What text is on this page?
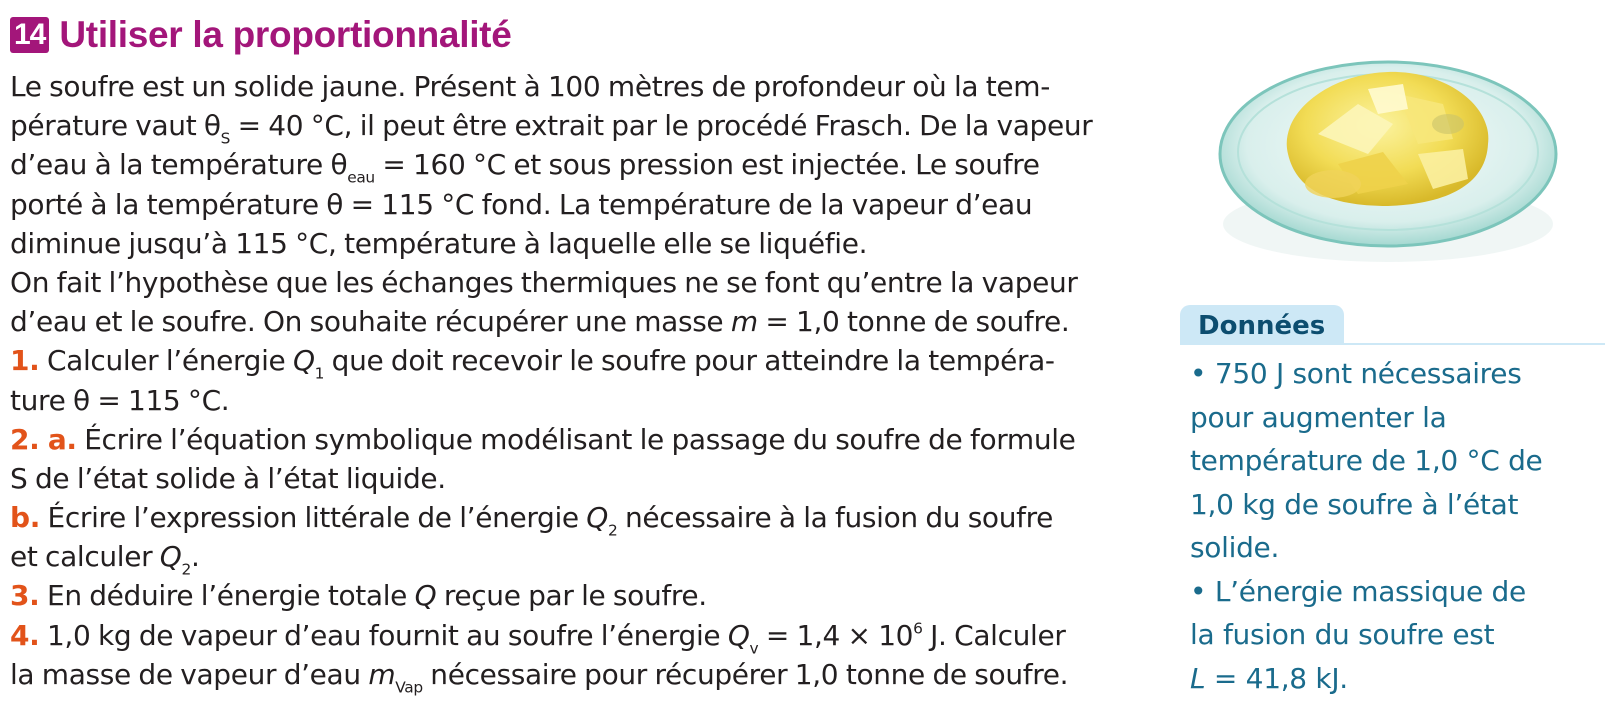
14 Utiliser la proportionnalité
Le soufre est un solide jaune. Présent à 100 mètres de profondeur où la tem-
pérature vaut $\theta_S = 40$ °C, il peut être extrait par le procédé Frasch. De la vapeur
d’eau à la température $\theta_{eau} = 160$ °C et sous pression est injectée. Le soufre
porté à la température θ = 115 °C fond. La température de la vapeur d’eau
diminue jusqu’à 115 °C, température à laquelle elle se liquéfie.
On fait l’hypothèse que les échanges thermiques ne se font qu’entre la vapeur
d’eau et le soufre. On souhaite récupérer une masse m = 1,0 tonne de soufre.
1. Calculer l’énergie $Q_1$ que doit recevoir le soufre pour atteindre la tempéra-
ture θ = 115 °C.
2. a. Écrire l’équation symbolique modélisant le passage du soufre de formule
S de l’état solide à l’état liquide.
b. Écrire l’expression littérale de l’énergie $Q_2$ nécessaire à la fusion du soufre
et calculer $Q_2$.
3. En déduire l’énergie totale Q reçue par le soufre.
4. 1,0 kg de vapeur d’eau fournit au soufre l’énergie $Q_v = 1,4 \times 10^6$ J. Calculer
la masse de vapeur d’eau $m_{Vap}$ nécessaire pour récupérer 1,0 tonne de soufre.
Données
• 750 J sont nécessaires
pour augmenter la
température de 1,0 °C de
1,0 kg de soufre à l’état
solide.
• L’énergie massique de
la fusion du soufre est
L = 41,8 kJ.
